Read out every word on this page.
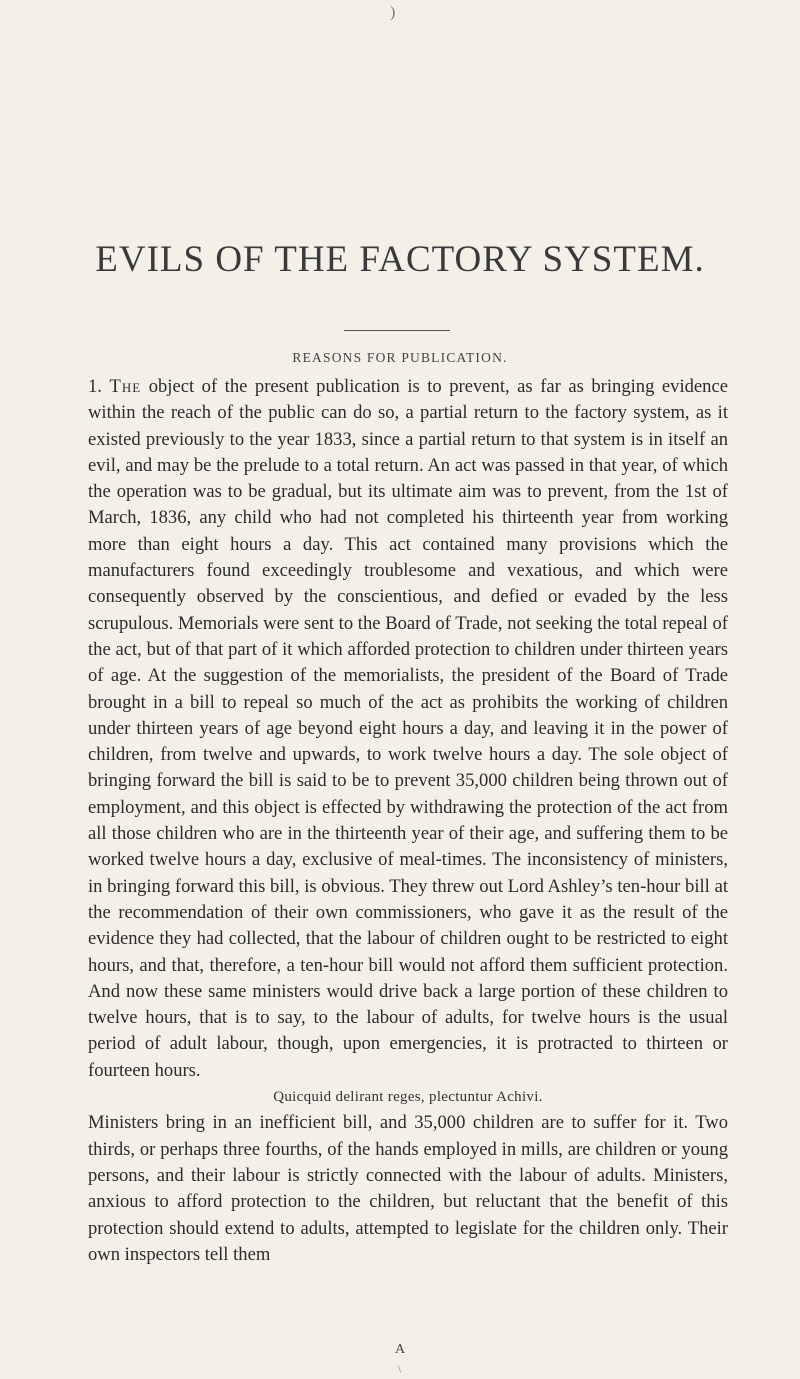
)
EVILS OF THE FACTORY SYSTEM.
REASONS FOR PUBLICATION.

1. The object of the present publication is to prevent, as far as bringing evidence within the reach of the public can do so, a partial return to the factory system, as it existed previously to the year 1833, since a partial return to that system is in itself an evil, and may be the prelude to a total return. An act was passed in that year, of which the operation was to be gradual, but its ultimate aim was to prevent, from the 1st of March, 1836, any child who had not completed his thirteenth year from working more than eight hours a day. This act contained many provisions which the manufacturers found exceedingly troublesome and vexatious, and which were consequently observed by the conscientious, and defied or evaded by the less scrupulous. Memorials were sent to the Board of Trade, not seeking the total repeal of the act, but of that part of it which afforded protection to children under thirteen years of age. At the suggestion of the memorialists, the president of the Board of Trade brought in a bill to repeal so much of the act as prohibits the working of children under thirteen years of age beyond eight hours a day, and leaving it in the power of children, from twelve and upwards, to work twelve hours a day. The sole object of bringing forward the bill is said to be to prevent 35,000 children being thrown out of employment, and this object is effected by withdrawing the protection of the act from all those children who are in the thirteenth year of their age, and suffering them to be worked twelve hours a day, exclusive of meal-times. The inconsistency of ministers, in bringing forward this bill, is obvious. They threw out Lord Ashley’s ten-hour bill at the recommendation of their own commissioners, who gave it as the result of the evidence they had collected, that the labour of children ought to be restricted to eight hours, and that, therefore, a ten-hour bill would not afford them sufficient protection. And now these same ministers would drive back a large portion of these children to twelve hours, that is to say, to the labour of adults, for twelve hours is the usual period of adult labour, though, upon emergencies, it is protracted to thirteen or fourteen hours.

Quicquid delirant reges, plectuntur Achivi.

Ministers bring in an inefficient bill, and 35,000 children are to suffer for it. Two thirds, or perhaps three fourths, of the hands employed in mills, are children or young persons, and their labour is strictly connected with the labour of adults. Ministers, anxious to afford protection to the children, but reluctant that the benefit of this protection should extend to adults, attempted to legislate for the children only. Their own inspectors tell them

A
\
